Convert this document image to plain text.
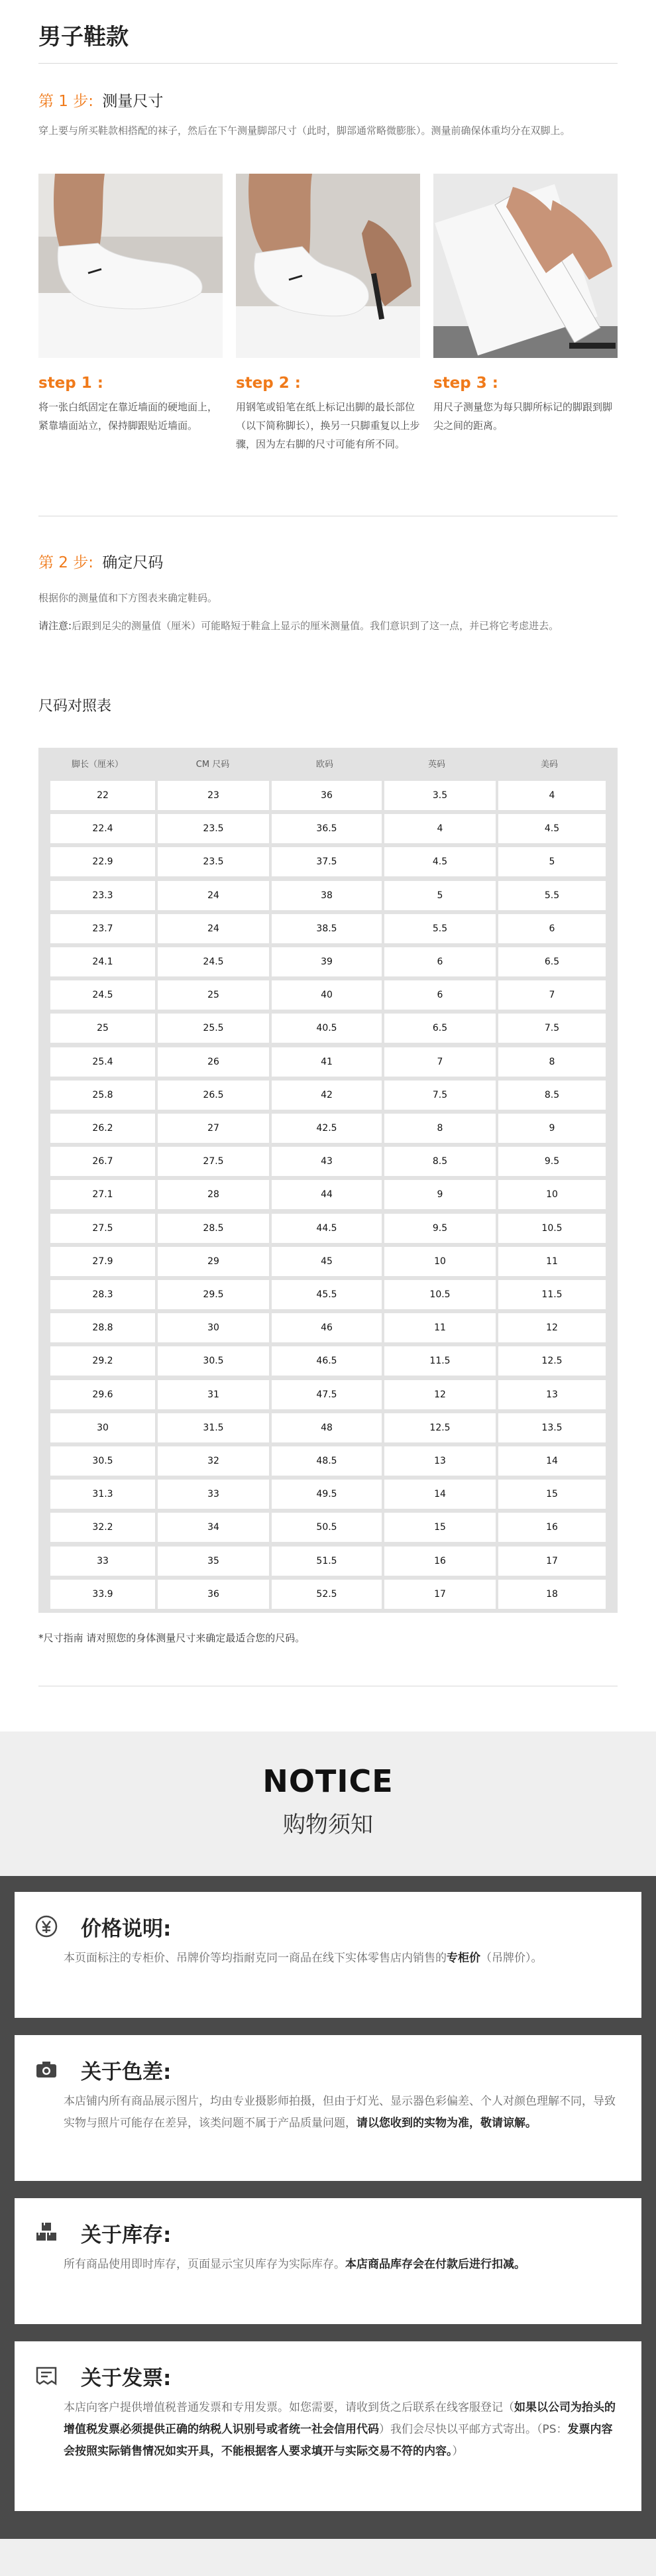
男子鞋款
第 1 步: 测量尺寸
穿上要与所买鞋款相搭配的袜子，然后在下午测量脚部尺寸（此时，脚部通常略微膨胀）。测量前确保体重均分在双脚上。
step 1 :
将一张白纸固定在靠近墙面的硬地面上，紧靠墙面站立，保持脚跟贴近墙面。
step 2 :
用钢笔或铅笔在纸上标记出脚的最长部位（以下简称脚长），换另一只脚重复以上步骤，因为左右脚的尺寸可能有所不同。
step 3 :
用尺子测量您为每只脚所标记的脚跟到脚尖之间的距离。
第 2 步: 确定尺码
根据你的测量值和下方图表来确定鞋码。
请注意:后跟到足尖的测量值（厘米）可能略短于鞋盒上显示的厘米测量值。我们意识到了这一点，并已将它考虑进去。
尺码对照表
脚长（厘米）	CM 尺码	欧码	英码	美码
22	23	36	3.5	4
22.4	23.5	36.5	4	4.5
22.9	23.5	37.5	4.5	5
23.3	24	38	5	5.5
23.7	24	38.5	5.5	6
24.1	24.5	39	6	6.5
24.5	25	40	6	7
25	25.5	40.5	6.5	7.5
25.4	26	41	7	8
25.8	26.5	42	7.5	8.5
26.2	27	42.5	8	9
26.7	27.5	43	8.5	9.5
27.1	28	44	9	10
27.5	28.5	44.5	9.5	10.5
27.9	29	45	10	11
28.3	29.5	45.5	10.5	11.5
28.8	30	46	11	12
29.2	30.5	46.5	11.5	12.5
29.6	31	47.5	12	13
30	31.5	48	12.5	13.5
30.5	32	48.5	13	14
31.3	33	49.5	14	15
32.2	34	50.5	15	16
33	35	51.5	16	17
33.9	36	52.5	17	18
*尺寸指南 请对照您的身体测量尺寸来确定最适合您的尺码。
NOTICE
购物须知
价格说明:
本页面标注的专柜价、吊牌价等均指耐克同一商品在线下实体零售店内销售的专柜价（吊牌价）。
关于色差:
本店铺内所有商品展示图片，均由专业摄影师拍摄，但由于灯光、显示器色彩偏差、个人对颜色理解不同，导致实物与照片可能存在差异，该类问题不属于产品质量问题，请以您收到的实物为准，敬请谅解。
关于库存:
所有商品使用即时库存，页面显示宝贝库存为实际库存。本店商品库存会在付款后进行扣减。
关于发票:
本店向客户提供增值税普通发票和专用发票。如您需要，请收到货之后联系在线客服登记（如果以公司为抬头的增值税发票必须提供正确的纳税人识别号或者统一社会信用代码）我们会尽快以平邮方式寄出。（PS：发票内容会按照实际销售情况如实开具，不能根据客人要求填开与实际交易不符的内容。）
